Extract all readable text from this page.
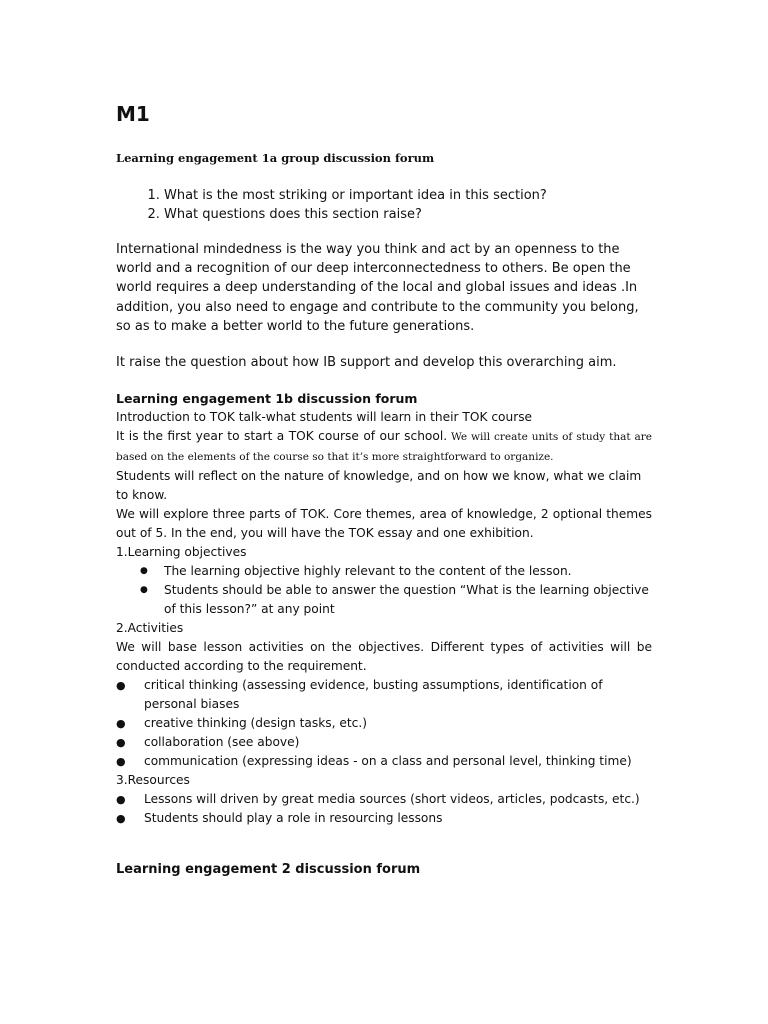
M1

Learning engagement 1a group discussion forum

1. What is the most striking or important idea in this section?
2. What questions does this section raise?

International mindedness is the way you think and act by an openness to the world and a recognition of our deep interconnectedness to others. Be open the world requires a deep understanding of the local and global issues and ideas .In addition, you also need to engage and contribute to the community you belong, so as to make a better world to the future generations.

It raise the question about how IB support and develop this overarching aim.

Learning engagement 1b discussion forum

Introduction to TOK talk-what students will learn in their TOK course

It is the first year to start a TOK course of our school. We will create units of study that are based on the elements of the course so that it’s more straightforward to organize.

Students will reflect on the nature of knowledge, and on how we know, what we claim to know.

We will explore three parts of TOK. Core themes, area of knowledge, 2 optional themes out of 5. In the end, you will have the TOK essay and one exhibition.

1.Learning objectives

● The learning objective highly relevant to the content of the lesson.
● Students should be able to answer the question “What is the learning objective of this lesson?” at any point

2.Activities

We will base lesson activities on the objectives. Different types of activities will be conducted according to the requirement.

● critical thinking (assessing evidence, busting assumptions, identification of personal biases
● creative thinking (design tasks, etc.)
● collaboration (see above)
● communication (expressing ideas - on a class and personal level, thinking time)

3.Resources

● Lessons will driven by great media sources (short videos, articles, podcasts, etc.)
● Students should play a role in resourcing lessons

Learning engagement 2 discussion forum
